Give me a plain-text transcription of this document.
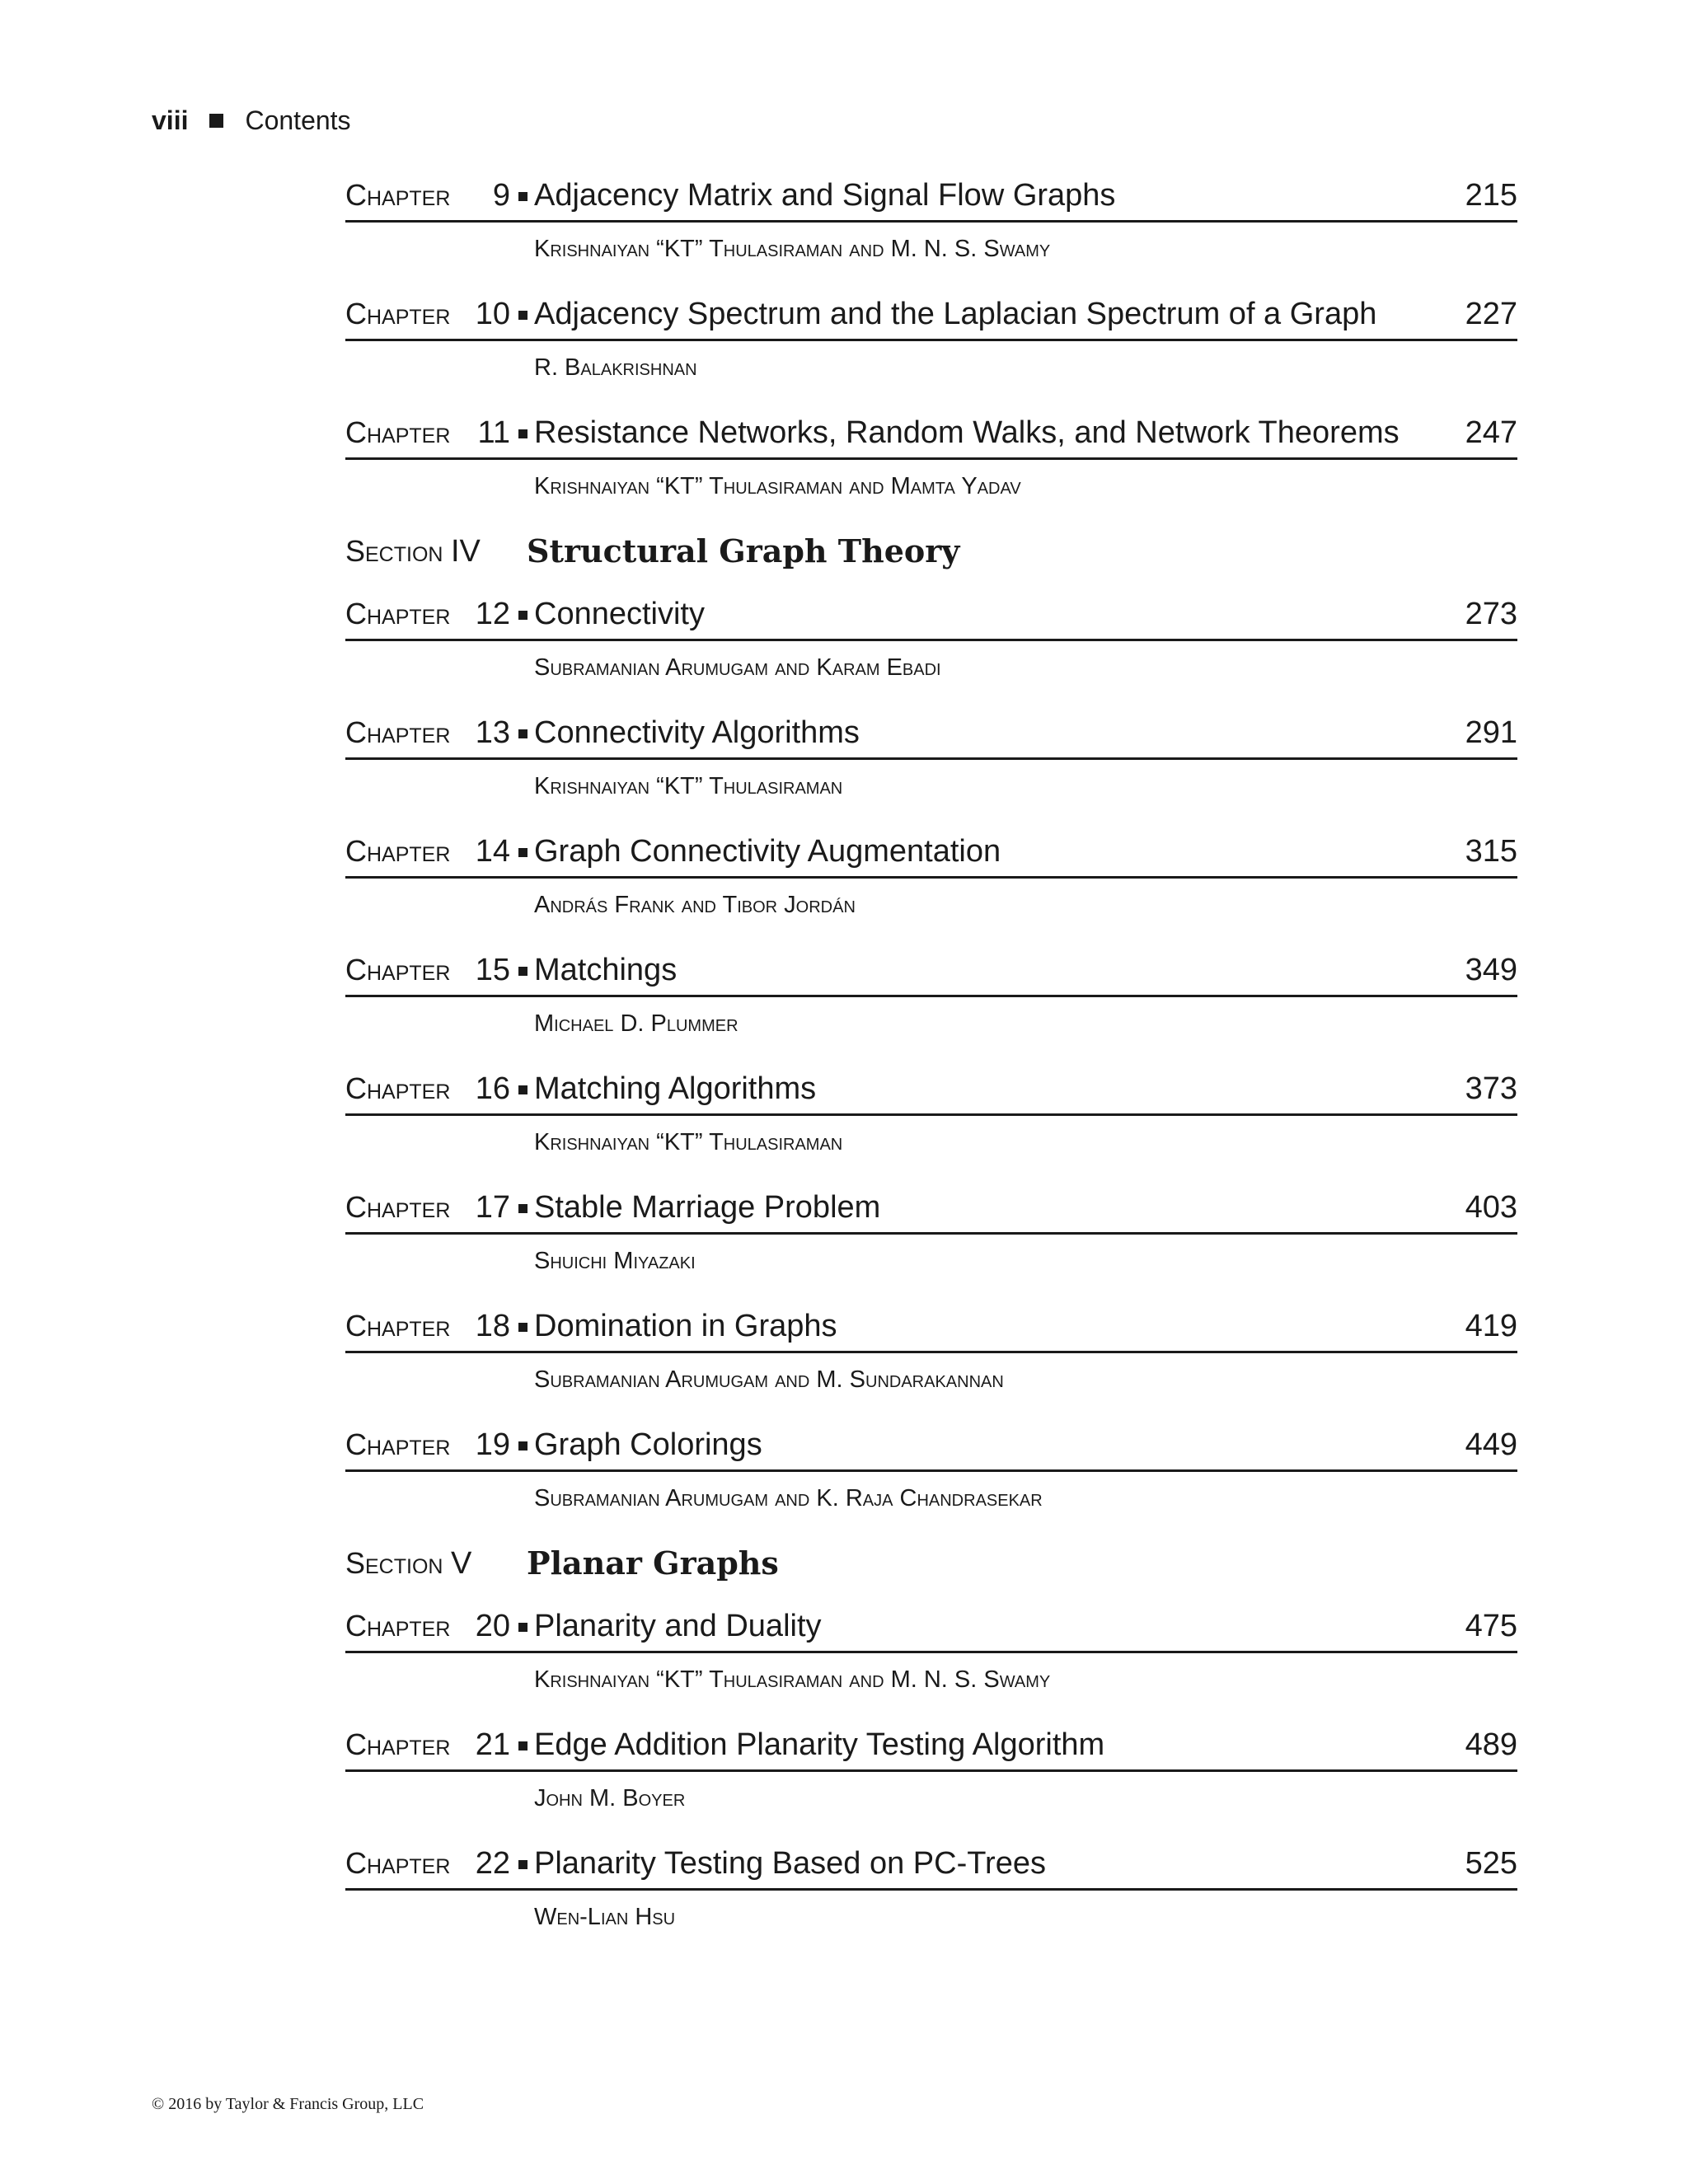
viii Contents
Chapter	9 Adjacency Matrix and Signal Flow Graphs	215
Krishnaiyan “KT” Thulasiraman and M. N. S. Swamy
Chapter 10 Adjacency Spectrum and the Laplacian Spectrum of a Graph	227
R. Balakrishnan
Chapter 11 Resistance Networks, Random Walks, and Network Theorems	247
Krishnaiyan “KT” Thulasiraman and Mamta Yadav
Section IV	Structural Graph Theory
Chapter 12 Connectivity	273
Subramanian Arumugam and Karam Ebadi
Chapter 13 Connectivity Algorithms	291
Krishnaiyan “KT” Thulasiraman
Chapter 14 Graph Connectivity Augmentation	315
András Frank and Tibor Jordán
Chapter 15 Matchings	349
Michael D. Plummer
Chapter 16 Matching Algorithms	373
Krishnaiyan “KT” Thulasiraman
Chapter 17 Stable Marriage Problem	403
Shuichi Miyazaki
Chapter 18 Domination in Graphs	419
Subramanian Arumugam and M. Sundarakannan
Chapter 19 Graph Colorings	449
Subramanian Arumugam and K. Raja Chandrasekar
Section V	Planar Graphs
Chapter 20 Planarity and Duality	475
Krishnaiyan “KT” Thulasiraman and M. N. S. Swamy
Chapter 21 Edge Addition Planarity Testing Algorithm	489
John M. Boyer
Chapter 22 Planarity Testing Based on PC-Trees	525
Wen-Lian Hsu
© 2016 by Taylor & Francis Group, LLC
